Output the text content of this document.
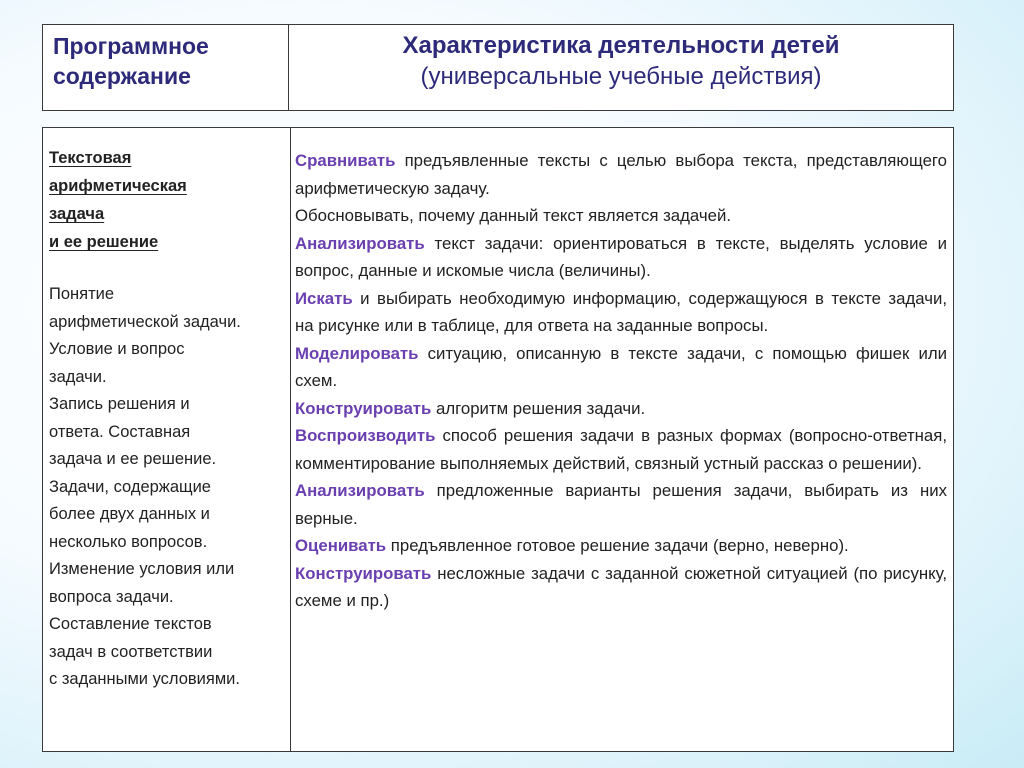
Программное
содержание
Характеристика деятельности детей
(универсальные учебные действия)
Текстовая
арифметическая
задача
и ее решение
Понятие
арифметической задачи.
Условие и вопрос
задачи.
Запись решения и
ответа. Составная
задача и ее решение.
Задачи, содержащие
более двух данных и
несколько вопросов.
Изменение условия или
вопроса задачи.
Составление текстов
задач в соответствии
с заданными условиями.
Сравнивать предъявленные тексты с целью выбора текста, представляющего арифметическую задачу.
Обосновывать, почему данный текст является задачей.
Анализировать текст задачи: ориентироваться в тексте, выделять условие и вопрос, данные и искомые числа (величины).
Искать и выбирать необходимую информацию, содержащуюся в тексте задачи, на рисунке или в таблице, для ответа на заданные вопросы.
Моделировать ситуацию, описанную в тексте задачи, с помощью фишек или схем.
Конструировать алгоритм решения задачи.
Воспроизводить способ решения задачи в разных формах (вопросно-ответная, комментирование выполняемых действий, связный устный рассказ о решении).
Анализировать предложенные варианты решения задачи, выбирать из них верные.
Оценивать предъявленное готовое решение задачи (верно, неверно).
Конструировать несложные задачи с заданной сюжетной ситуацией (по рисунку, схеме и пр.)
